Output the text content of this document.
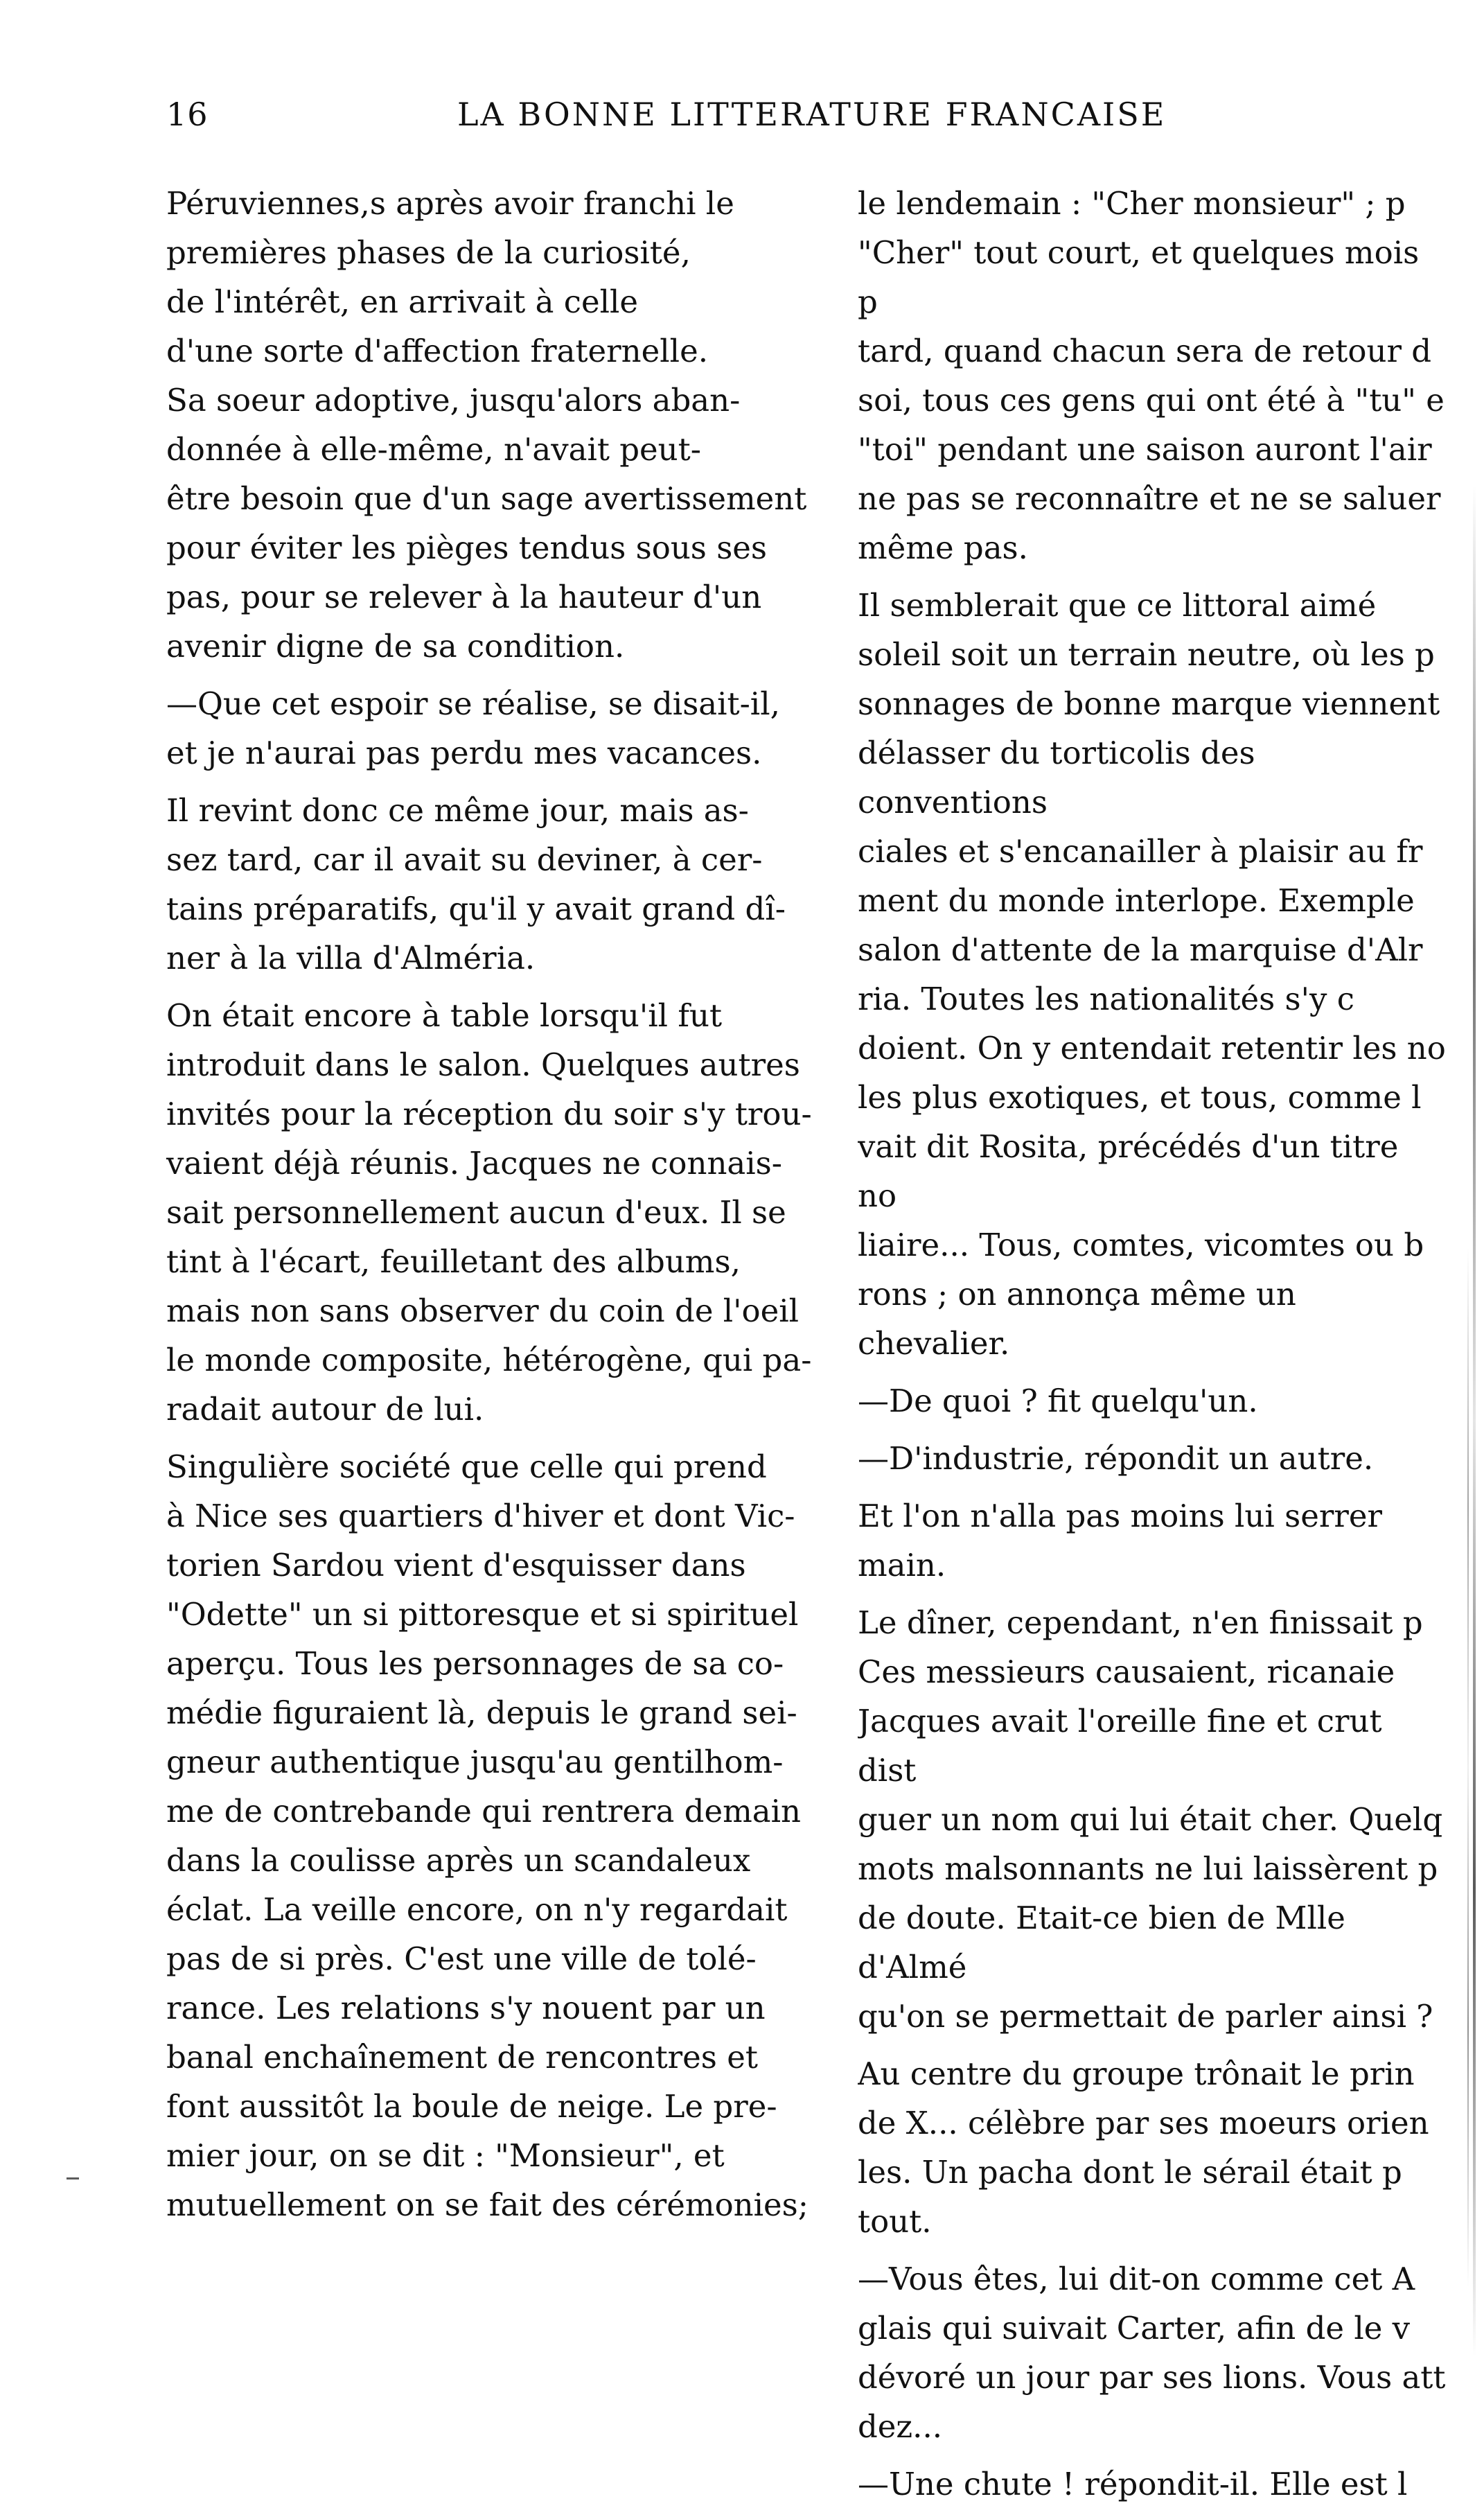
16	LA BONNE LITTERATURE FRANCAISE

Péruviennes,s après avoir franchi le
premières phases de la curiosité,
de l'intérêt, en arrivait à celle
d'une sorte d'affection fraternelle.
Sa soeur adoptive, jusqu'alors aban-
donnée à elle-même, n'avait peut-
être besoin que d'un sage avertissement
pour éviter les pièges tendus sous ses
pas, pour se relever à la hauteur d'un
avenir digne de sa condition.

—Que cet espoir se réalise, se disait-il,
et je n'aurai pas perdu mes vacances.

Il revint donc ce même jour, mais as-
sez tard, car il avait su deviner, à cer-
tains préparatifs, qu'il y avait grand dî-
ner à la villa d'Alméria.

On était encore à table lorsqu'il fut
introduit dans le salon. Quelques autres
invités pour la réception du soir s'y trou-
vaient déjà réunis. Jacques ne connais-
sait personnellement aucun d'eux. Il se
tint à l'écart, feuilletant des albums,
mais non sans observer du coin de l'oeil
le monde composite, hétérogène, qui pa-
radait autour de lui.

Singulière société que celle qui prend
à Nice ses quartiers d'hiver et dont Vic-
torien Sardou vient d'esquisser dans
"Odette" un si pittoresque et si spirituel
aperçu. Tous les personnages de sa co-
médie figuraient là, depuis le grand sei-
gneur authentique jusqu'au gentilhom-
me de contrebande qui rentrera demain
dans la coulisse après un scandaleux
éclat. La veille encore, on n'y regardait
pas de si près. C'est une ville de tolé-
rance. Les relations s'y nouent par un
banal enchaînement de rencontres et
font aussitôt la boule de neige. Le pre-
mier jour, on se dit : "Monsieur", et
mutuellement on se fait des cérémonies;

le lendemain : "Cher monsieur" ; p
"Cher" tout court, et quelques mois p
tard, quand chacun sera de retour d
soi, tous ces gens qui ont été à "tu" e
"toi" pendant une saison auront l'air
ne pas se reconnaître et ne se saluer
même pas.

Il semblerait que ce littoral aimé
soleil soit un terrain neutre, où les p
sonnages de bonne marque viennent
délasser du torticolis des conventions
ciales et s'encanailler à plaisir au fr
ment du monde interlope. Exemple
salon d'attente de la marquise d'Alr
ria. Toutes les nationalités s'y c
doient. On y entendait retentir les no
les plus exotiques, et tous, comme l
vait dit Rosita, précédés d'un titre no
liaire... Tous, comtes, vicomtes ou b
rons ; on annonça même un chevalier.

—De quoi ? fit quelqu'un.

—D'industrie, répondit un autre.

Et l'on n'alla pas moins lui serrer
main.

Le dîner, cependant, n'en finissait p
Ces messieurs causaient, ricanaie
Jacques avait l'oreille fine et crut dist
guer un nom qui lui était cher. Quelq
mots malsonnants ne lui laissèrent p
de doute. Etait-ce bien de Mlle d'Almé
qu'on se permettait de parler ainsi ?

Au centre du groupe trônait le prin
de X... célèbre par ses moeurs orien
les. Un pacha dont le sérail était p
tout.

—Vous êtes, lui dit-on comme cet A
glais qui suivait Carter, afin de le v
dévoré un jour par ses lions. Vous att
dez...

—Une chute ! répondit-il. Elle est l
